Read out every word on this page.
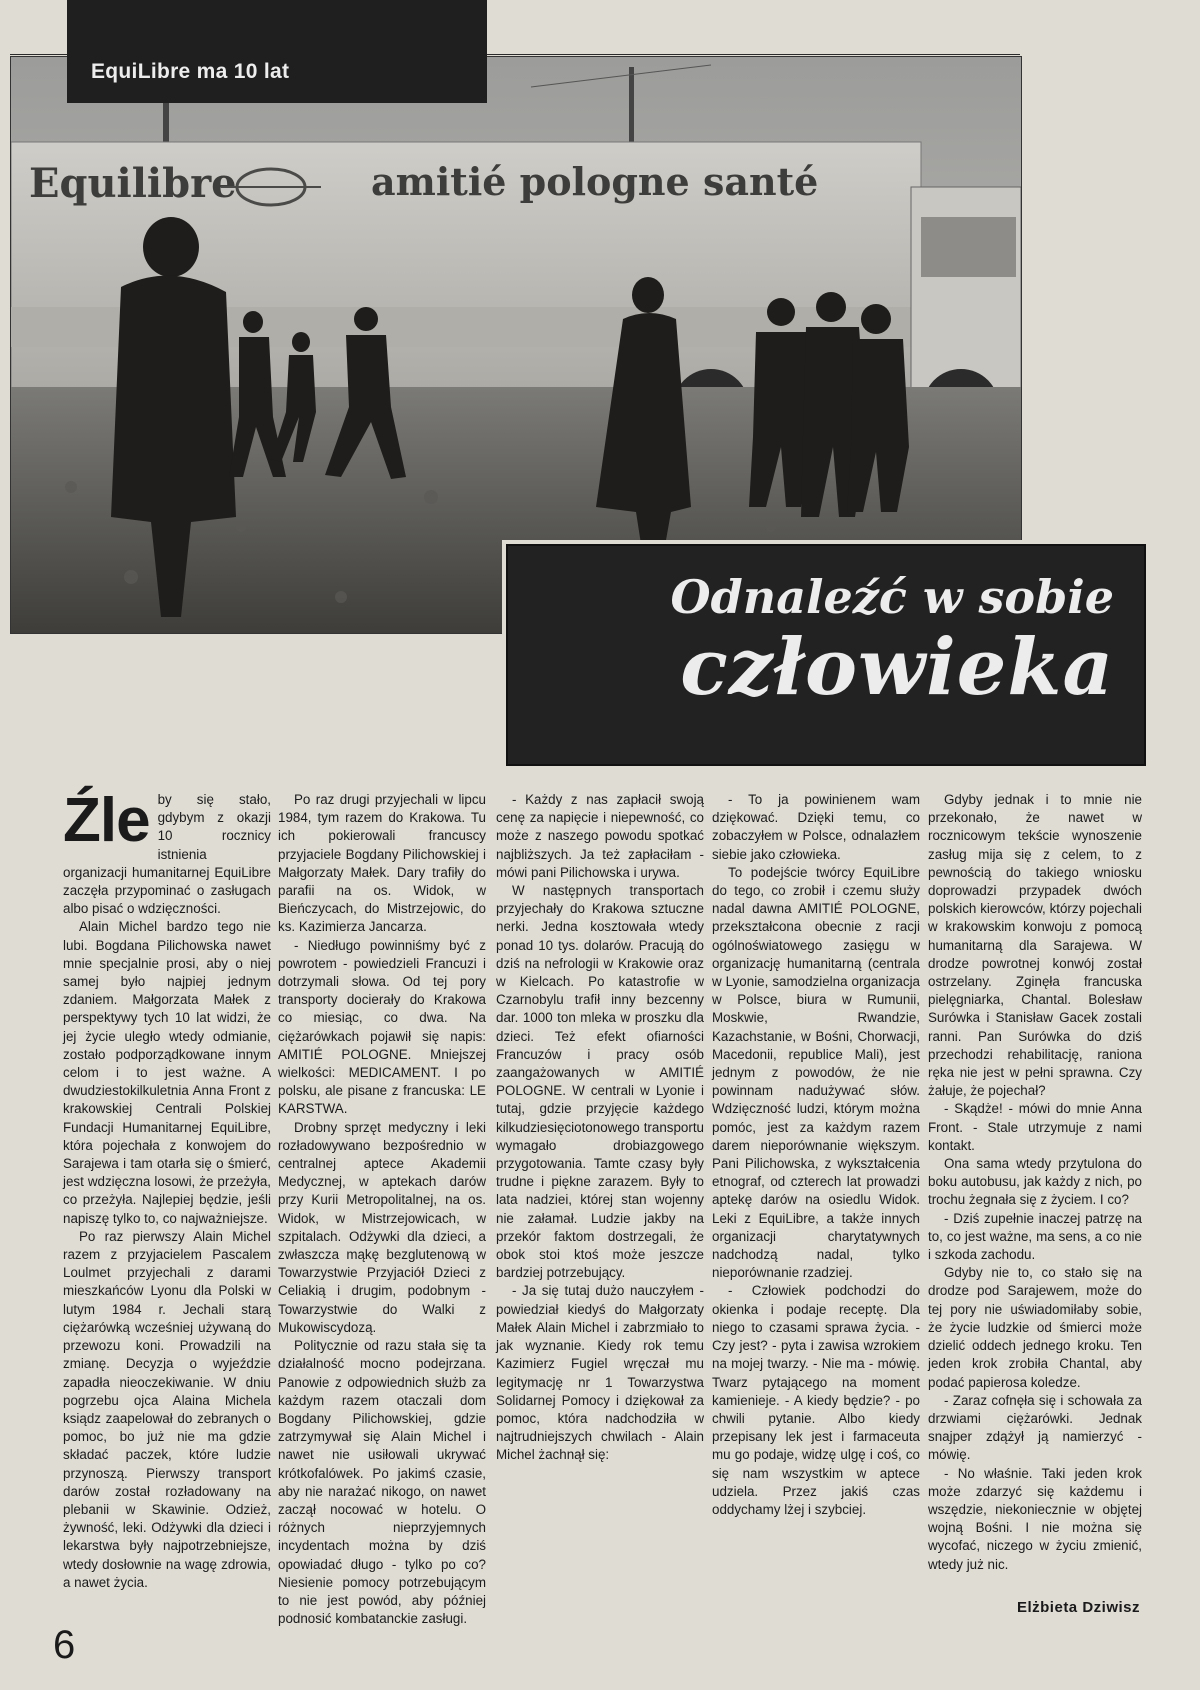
Equilibre	amitié pologne santé
EquiLibre ma 10 lat
Odnaleźć w sobie
człowieka

Źle by się stało, gdybym z okazji 10 rocznicy istnienia organizacji humanitarnej EquiLibre zaczęła przypominać o zasługach albo pisać o wdzięczności.

Alain Michel bardzo tego nie lubi. Bogdana Pilichowska nawet mnie specjalnie prosi, aby o niej samej było najpiej jednym zdaniem. Małgorzata Małek z perspektywy tych 10 lat widzi, że jej życie uległo wtedy odmianie, zostało podporządkowane innym celom i to jest ważne. A dwudziestokilkuletnia Anna Front z krakowskiej Centrali Polskiej Fundacji Humanitarnej EquiLibre, która pojechała z konwojem do Sarajewa i tam otarła się o śmierć, jest wdzięczna losowi, że przeżyła, co przeżyła. Najlepiej będzie, jeśli napiszę tylko to, co najważniejsze.

Po raz pierwszy Alain Michel razem z przyjacielem Pascalem Loulmet przyjechali z darami mieszkańców Lyonu dla Polski w lutym 1984 r. Jechali starą ciężarówką wcześniej używaną do przewozu koni. Prowadzili na zmianę. Decyzja o wyjeździe zapadła nieoczekiwanie. W dniu pogrzebu ojca Alaina Michela ksiądz zaapelował do zebranych o pomoc, bo już nie ma gdzie składać paczek, które ludzie przynoszą. Pierwszy transport darów został rozładowany na plebanii w Skawinie. Odzież, żywność, leki. Odżywki dla dzieci i lekarstwa były najpotrzebniejsze, wtedy dosłownie na wagę zdrowia, a nawet życia.

Po raz drugi przyjechali w lipcu 1984, tym razem do Krakowa. Tu ich pokierowali francuscy przyjaciele Bogdany Pilichowskiej i Małgorzaty Małek. Dary trafiły do parafii na os. Widok, w Bieńczycach, do Mistrzejowic, do ks. Kazimierza Jancarza.

- Niedługo powinniśmy być z powrotem - powiedzieli Francuzi i dotrzymali słowa. Od tej pory transporty docierały do Krakowa co miesiąc, co dwa. Na ciężarówkach pojawił się napis: AMITIÉ POLOGNE. Mniejszej wielkości: MEDICAMENT. I po polsku, ale pisane z francuska: LE KARSTWA.

Drobny sprzęt medyczny i leki rozładowywano bezpośrednio w centralnej aptece Akademii Medycznej, w aptekach darów przy Kurii Metropolitalnej, na os. Widok, w Mistrzejowicach, w szpitalach. Odżywki dla dzieci, a zwłaszcza mąkę bezglutenową w Towarzystwie Przyjaciół Dzieci z Celiakią i drugim, podobnym - Towarzystwie do Walki z Mukowiscydozą.

Politycznie od razu stała się ta działalność mocno podejrzana. Panowie z odpowiednich służb za każdym razem otaczali dom Bogdany Pilichowskiej, gdzie zatrzymywał się Alain Michel i nawet nie usiłowali ukrywać krótkofalówek. Po jakimś czasie, aby nie narażać nikogo, on nawet zaczął nocować w hotelu. O różnych nieprzyjemnych incydentach można by dziś opowiadać długo - tylko po co? Niesienie pomocy potrzebującym to nie jest powód, aby później podnosić kombatanckie zasługi.

- Każdy z nas zapłacił swoją cenę za napięcie i niepewność, co może z naszego powodu spotkać najbliższych. Ja też zapłaciłam - mówi pani Pilichowska i urywa.

W następnych transportach przyjechały do Krakowa sztuczne nerki. Jedna kosztowała wtedy ponad 10 tys. dolarów. Pracują do dziś na nefrologii w Krakowie oraz w Kielcach. Po katastrofie w Czarnobylu trafił inny bezcenny dar. 1000 ton mleka w proszku dla dzieci. Też efekt ofiarności Francuzów i pracy osób zaangażowanych w AMITIÉ POLOGNE. W centrali w Lyonie i tutaj, gdzie przyjęcie każdego kilkudziesięciotonowego transportu wymagało drobiazgowego przygotowania. Tamte czasy były trudne i piękne zarazem. Były to lata nadziei, której stan wojenny nie załamał. Ludzie jakby na przekór faktom dostrzegali, że obok stoi ktoś może jeszcze bardziej potrzebujący.

- Ja się tutaj dużo nauczyłem - powiedział kiedyś do Małgorzaty Małek Alain Michel i zabrzmiało to jak wyznanie. Kiedy rok temu Kazimierz Fugiel wręczał mu legitymację nr 1 Towarzystwa Solidarnej Pomocy i dziękował za pomoc, która nadchodziła w najtrudniejszych chwilach - Alain Michel żachnął się:

- To ja powinienem wam dziękować. Dzięki temu, co zobaczyłem w Polsce, odnalazłem siebie jako człowieka.

To podejście twórcy EquiLibre do tego, co zrobił i czemu służy nadal dawna AMITIÉ POLOGNE, przekształcona obecnie z racji ogólnoświatowego zasięgu w organizację humanitarną (centrala w Lyonie, samodzielna organizacja w Polsce, biura w Rumunii, Moskwie, Rwandzie, Kazachstanie, w Bośni, Chorwacji, Macedonii, republice Mali), jest jednym z powodów, że nie powinnam nadużywać słów. Wdzięczność ludzi, którym można pomóc, jest za każdym razem darem nieporównanie większym. Pani Pilichowska, z wykształcenia etnograf, od czterech lat prowadzi aptekę darów na osiedlu Widok. Leki z EquiLibre, a także innych organizacji charytatywnych nadchodzą nadal, tylko nieporównanie rzadziej.

- Człowiek podchodzi do okienka i podaje receptę. Dla niego to czasami sprawa życia. - Czy jest? - pyta i zawisa wzrokiem na mojej twarzy. - Nie ma - mówię. Twarz pytającego na moment kamienieje. - A kiedy będzie? - po chwili pytanie. Albo kiedy przepisany lek jest i farmaceuta mu go podaje, widzę ulgę i coś, co się nam wszystkim w aptece udziela. Przez jakiś czas oddychamy lżej i szybciej.

Gdyby jednak i to mnie nie przekonało, że nawet w rocznicowym tekście wynoszenie zasług mija się z celem, to z pewnością do takiego wniosku doprowadzi przypadek dwóch polskich kierowców, którzy pojechali w krakowskim konwoju z pomocą humanitarną dla Sarajewa. W drodze powrotnej konwój został ostrzelany. Zginęła francuska pielęgniarka, Chantal. Bolesław Surówka i Stanisław Gacek zostali ranni. Pan Surówka do dziś przechodzi rehabilitację, raniona ręka nie jest w pełni sprawna. Czy żałuje, że pojechał?

- Skądże! - mówi do mnie Anna Front. - Stale utrzymuje z nami kontakt.

Ona sama wtedy przytulona do boku autobusu, jak każdy z nich, po trochu żegnała się z życiem. I co?

- Dziś zupełnie inaczej patrzę na to, co jest ważne, ma sens, a co nie i szkoda zachodu.

Gdyby nie to, co stało się na drodze pod Sarajewem, może do tej pory nie uświadomiłaby sobie, że życie ludzkie od śmierci może dzielić oddech jednego kroku. Ten jeden krok zrobiła Chantal, aby podać papierosa koledze.

- Zaraz cofnęła się i schowała za drzwiami ciężarówki. Jednak snajper zdążył ją namierzyć - mówię.

- No właśnie. Taki jeden krok może zdarzyć się każdemu i wszędzie, niekoniecznie w objętej wojną Bośni. I nie można się wycofać, niczego w życiu zmienić, wtedy już nic.

Elżbieta Dziwisz
6
